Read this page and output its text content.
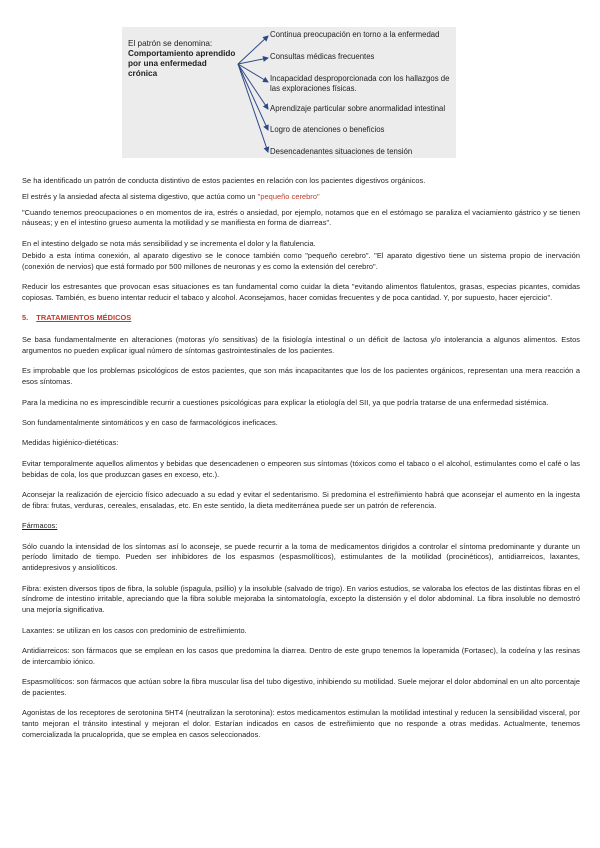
El patrón se denomina:
Comportamiento aprendido
por una enfermedad
crónica
Continua preocupación en torno a la enfermedad
Consultas médicas frecuentes
Incapacidad desproporcionada con los hallazgos de las exploraciones físicas.
Aprendizaje particular sobre anormalidad intestinal
Logro de atenciones o beneficios
Desencadenantes situaciones de tensión

Se ha identificado un patrón de conducta distintivo de estos pacientes en relación con los pacientes digestivos orgánicos.

El estrés y la ansiedad afecta al sistema digestivo, que actúa como un "pequeño cerebro"

"Cuando tenemos preocupaciones o en momentos de ira, estrés o ansiedad, por ejemplo, notamos que en el estómago se paraliza el vaciamiento gástrico y se tienen náuseas; y en el intestino grueso aumenta la motilidad y se manifiesta en forma de diarreas".

En el intestino delgado se nota más sensibilidad y se incrementa el dolor y la flatulencia.

Debido a esta íntima conexión, al aparato digestivo se le conoce también como "pequeño cerebro". "El aparato digestivo tiene un sistema propio de inervación (conexión de nervios) que está formado por 500 millones de neuronas y es como la extensión del cerebro".

Reducir los estresantes que provocan esas situaciones es tan fundamental como cuidar la dieta "evitando alimentos flatulentos, grasas, especias picantes, comidas copiosas. También, es bueno intentar reducir el tabaco y alcohol. Aconsejamos, hacer comidas frecuentes y de poca cantidad. Y, por supuesto, hacer ejercicio".

5. TRATAMIENTOS MÉDICOS

Se basa fundamentalmente en alteraciones (motoras y/o sensitivas) de la fisiología intestinal o un déficit de lactosa y/o intolerancia a algunos alimentos. Estos argumentos no pueden explicar igual número de síntomas gastrointestinales de los pacientes.

Es improbable que los problemas psicológicos de estos pacientes, que son más incapacitantes que los de los pacientes orgánicos, representan una mera reacción a esos síntomas.

Para la medicina no es imprescindible recurrir a cuestiones psicológicas para explicar la etiología del SII, ya que podría tratarse de una enfermedad sistémica.

Son fundamentalmente sintomáticos y en caso de farmacológicos ineficaces.

Medidas higiénico-dietéticas:

Evitar temporalmente aquellos alimentos y bebidas que desencadenen o empeoren sus síntomas (tóxicos como el tabaco o el alcohol, estimulantes como el café o las bebidas de cola, los que produzcan gases en exceso, etc.).

Aconsejar la realización de ejercicio físico adecuado a su edad y evitar el sedentarismo. Si predomina el estreñimiento habrá que aconsejar el aumento en la ingesta de fibra: frutas, verduras, cereales, ensaladas, etc. En este sentido, la dieta mediterránea puede ser un patrón de referencia.

Fármacos:

Sólo cuando la intensidad de los síntomas así lo aconseje, se puede recurrir a la toma de medicamentos dirigidos a controlar el síntoma predominante y durante un período limitado de tiempo. Pueden ser inhibidores de los espasmos (espasmolíticos), estimulantes de la motilidad (procinéticos), antidiarreicos, laxantes, antidepresivos y ansiolíticos.

Fibra: existen diversos tipos de fibra, la soluble (ispagula, psillio) y la insoluble (salvado de trigo). En varios estudios, se valoraba los efectos de las distintas fibras en el síndrome de intestino irritable, apreciando que la fibra soluble mejoraba la sintomatología, excepto la distensión y el dolor abdominal. La fibra insoluble no demostró una mejoría significativa.

Laxantes: se utilizan en los casos con predominio de estreñimiento.

Antidiarreicos: son fármacos que se emplean en los casos que predomina la diarrea. Dentro de este grupo tenemos la loperamida (Fortasec), la codeína y las resinas de intercambio iónico.

Espasmolíticos: son fármacos que actúan sobre la fibra muscular lisa del tubo digestivo, inhibiendo su motilidad. Suele mejorar el dolor abdominal en un alto porcentaje de pacientes.

Agonistas de los receptores de serotonina 5HT4 (neutralizan la serotonina): estos medicamentos estimulan la motilidad intestinal y reducen la sensibilidad visceral, por tanto mejoran el tránsito intestinal y mejoran el dolor. Estarían indicados en casos de estreñimiento que no responde a otras medidas. Actualmente, tenemos comercializada la prucaloprida, que se emplea en casos seleccionados.
